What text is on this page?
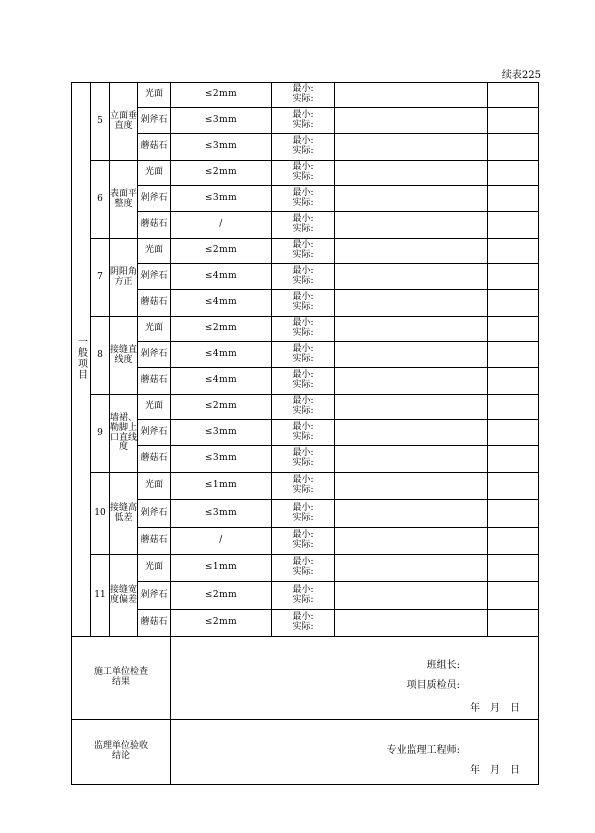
续表225
一般项目	5	立面垂直度	光面	≤2mm	最小:
实际:		

			剁斧石	≤3mm	最小:
实际:		

			蘑菇石	≤3mm	最小:
实际:		

	6	表面平整度	光面	≤2mm	最小:
实际:		

			剁斧石	≤3mm	最小:
实际:		

			蘑菇石	/	最小:
实际:		

	7	阴阳角方正	光面	≤2mm	最小:
实际:		

			剁斧石	≤4mm	最小:
实际:		

			蘑菇石	≤4mm	最小:
实际:		

	8	接缝直线度	光面	≤2mm	最小:
实际:		

			剁斧石	≤4mm	最小:
实际:		

			蘑菇石	≤4mm	最小:
实际:		

	9	墙裙、勒脚上口直线度	光面	≤2mm	最小:
实际:		

			剁斧石	≤3mm	最小:
实际:		

			蘑菇石	≤3mm	最小:
实际:		

	10	接缝高低差	光面	≤1mm	最小:
实际:		

			剁斧石	≤3mm	最小:
实际:		

			蘑菇石	/	最小:
实际:		

	11	接缝宽度偏差	光面	≤1mm	最小:
实际:		

			剁斧石	≤2mm	最小:
实际:		

			蘑菇石	≤2mm	最小:
实际:		

施工单位检查结果				班组长:
项目质检员:
年　月　日			

监理单位验收结论				专业监理工程师:
年　月　日			
